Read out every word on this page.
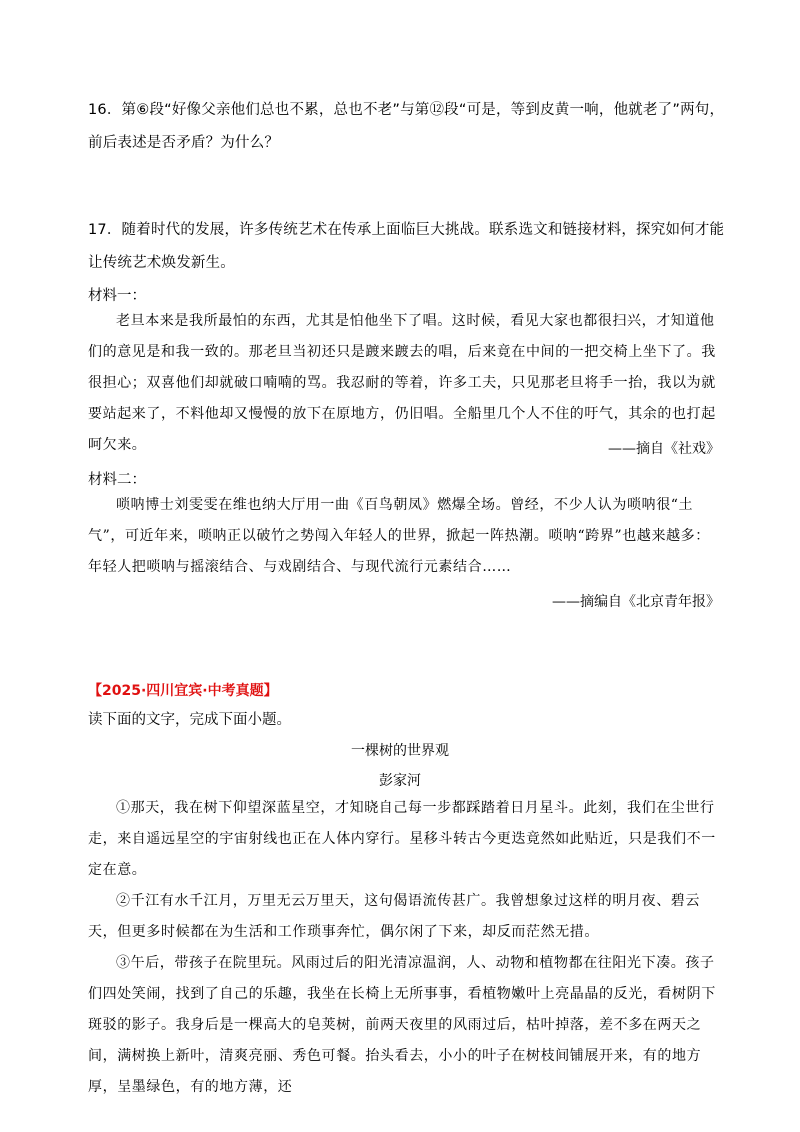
16．第⑥段“好像父亲他们总也不累，总也不老”与第⑫段“可是，等到皮黄一响，他就老了”两句，前后表述是否矛盾？为什么？
17．随着时代的发展，许多传统艺术在传承上面临巨大挑战。联系选文和链接材料，探究如何才能让传统艺术焕发新生。
材料一：

老旦本来是我所最怕的东西，尤其是怕他坐下了唱。这时候，看见大家也都很扫兴，才知道他们的意见是和我一致的。那老旦当初还只是踱来踱去的唱，后来竟在中间的一把交椅上坐下了。我很担心；双喜他们却就破口喃喃的骂。我忍耐的等着，许多工夫，只见那老旦将手一抬，我以为就要站起来了，不料他却又慢慢的放下在原地方，仍旧唱。全船里几个人不住的吁气，其余的也打起呵欠来。	——摘自《社戏》
材料二：

唢呐博士刘雯雯在维也纳大厅用一曲《百鸟朝凤》燃爆全场。曾经，不少人认为唢呐很“土气”，可近年来，唢呐正以破竹之势闯入年轻人的世界，掀起一阵热潮。唢呐“跨界”也越来越多：年轻人把唢呐与摇滚结合、与戏剧结合、与现代流行元素结合……

——摘编自《北京青年报》
【2025·四川宜宾·中考真题】
读下面的文字，完成下面小题。
一棵树的世界观
彭家河

①那天，我在树下仰望深蓝星空，才知晓自己每一步都踩踏着日月星斗。此刻，我们在尘世行走，来自遥远星空的宇宙射线也正在人体内穿行。星移斗转古今更迭竟然如此贴近，只是我们不一定在意。

②千江有水千江月，万里无云万里天，这句偈语流传甚广。我曾想象过这样的明月夜、碧云天，但更多时候都在为生活和工作琐事奔忙，偶尔闲了下来，却反而茫然无措。

③午后，带孩子在院里玩。风雨过后的阳光清凉温润，人、动物和植物都在往阳光下凑。孩子们四处笑闹，找到了自己的乐趣，我坐在长椅上无所事事，看植物嫩叶上亮晶晶的反光，看树阴下斑驳的影子。我身后是一棵高大的皂荚树，前两天夜里的风雨过后，枯叶掉落，差不多在两天之间，满树换上新叶，清爽亮丽、秀色可餐。抬头看去，小小的叶子在树枝间铺展开来，有的地方厚，呈墨绿色，有的地方薄，还
